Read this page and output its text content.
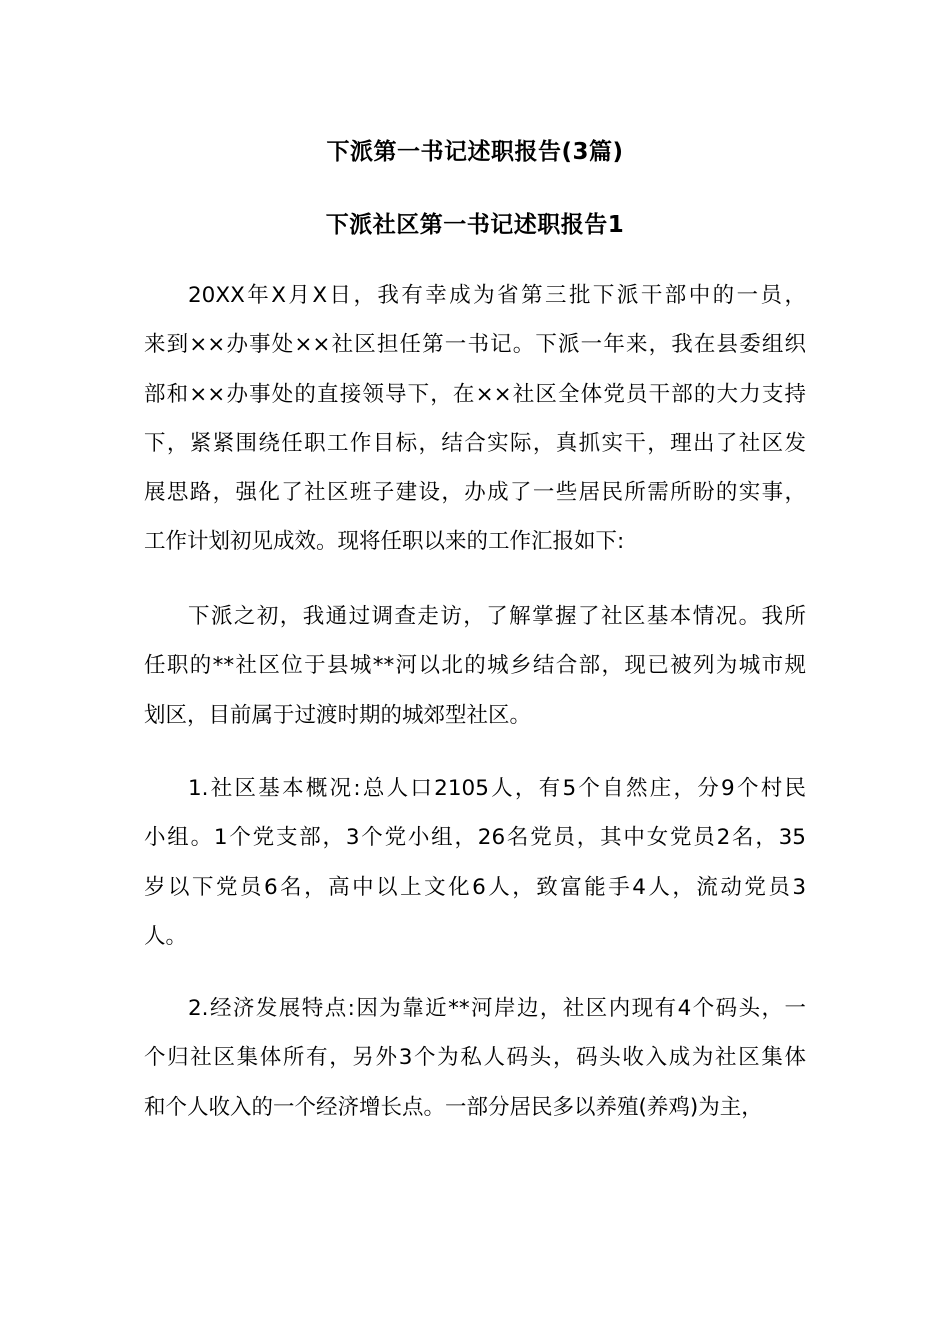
下派第一书记述职报告(3篇)
下派社区第一书记述职报告1
20XX年X月X日，我有幸成为省第三批下派干部中的一员，
来到××办事处××社区担任第一书记。下派一年来，我在县委组织
部和××办事处的直接领导下，在××社区全体党员干部的大力支持
下，紧紧围绕任职工作目标，结合实际，真抓实干，理出了社区发
展思路，强化了社区班子建设，办成了一些居民所需所盼的实事，
工作计划初见成效。现将任职以来的工作汇报如下:
下派之初，我通过调查走访，了解掌握了社区基本情况。我所
任职的**社区位于县城**河以北的城乡结合部，现已被列为城市规
划区，目前属于过渡时期的城郊型社区。
1.社区基本概况:总人口2105人，有5个自然庄，分9个村民
小组。1个党支部，3个党小组，26名党员，其中女党员2名，35
岁以下党员6名，高中以上文化6人，致富能手4人，流动党员3
人。
2.经济发展特点:因为靠近**河岸边，社区内现有4个码头，一
个归社区集体所有，另外3个为私人码头，码头收入成为社区集体
和个人收入的一个经济增长点。一部分居民多以养殖(养鸡)为主，
